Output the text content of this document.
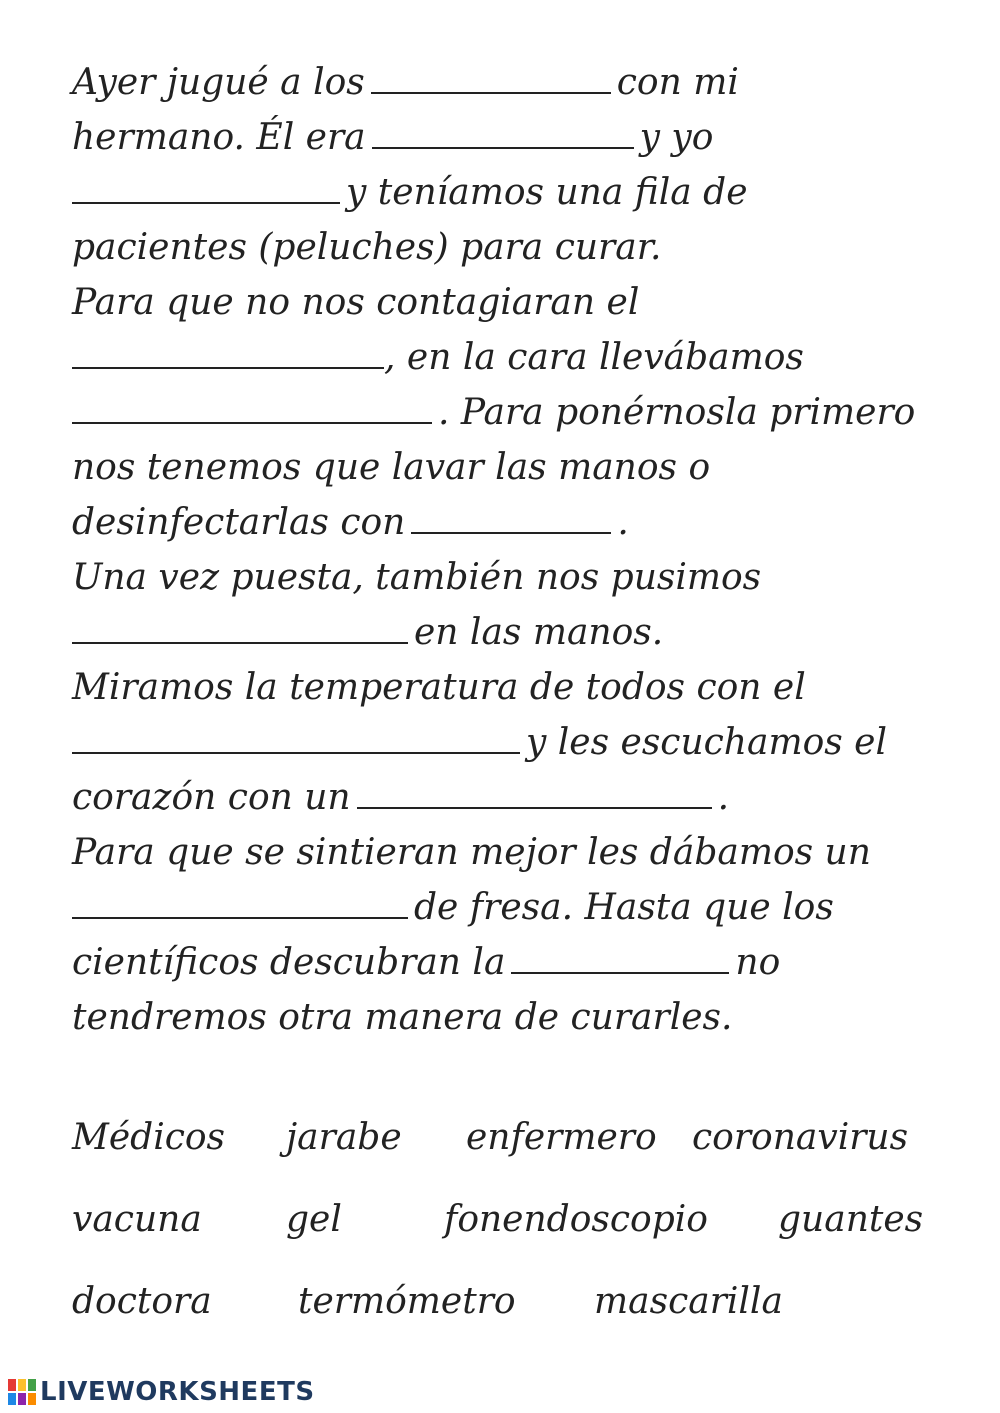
Ayer jugué a los	con mi
hermano. Él era	y yo
y teníamos una fila de
pacientes (peluches) para curar.
Para que no nos contagiaran el
, en la cara llevábamos
. Para ponérnosla primero
nos tenemos que lavar las manos o
desinfectarlas con	.
Una vez puesta, también nos pusimos
en las manos.
Miramos la temperatura de todos con el
y les escuchamos el
corazón con un	.
Para que se sintieran mejor les dábamos un
de fresa. Hasta que los
científicos descubran la	no
tendremos otra manera de curarles.
Médicos jarabe enfermero coronavirus
vacuna gel	fonendoscopio guantes
doctora termómetro mascarilla
LIVEWORKSHEETS
